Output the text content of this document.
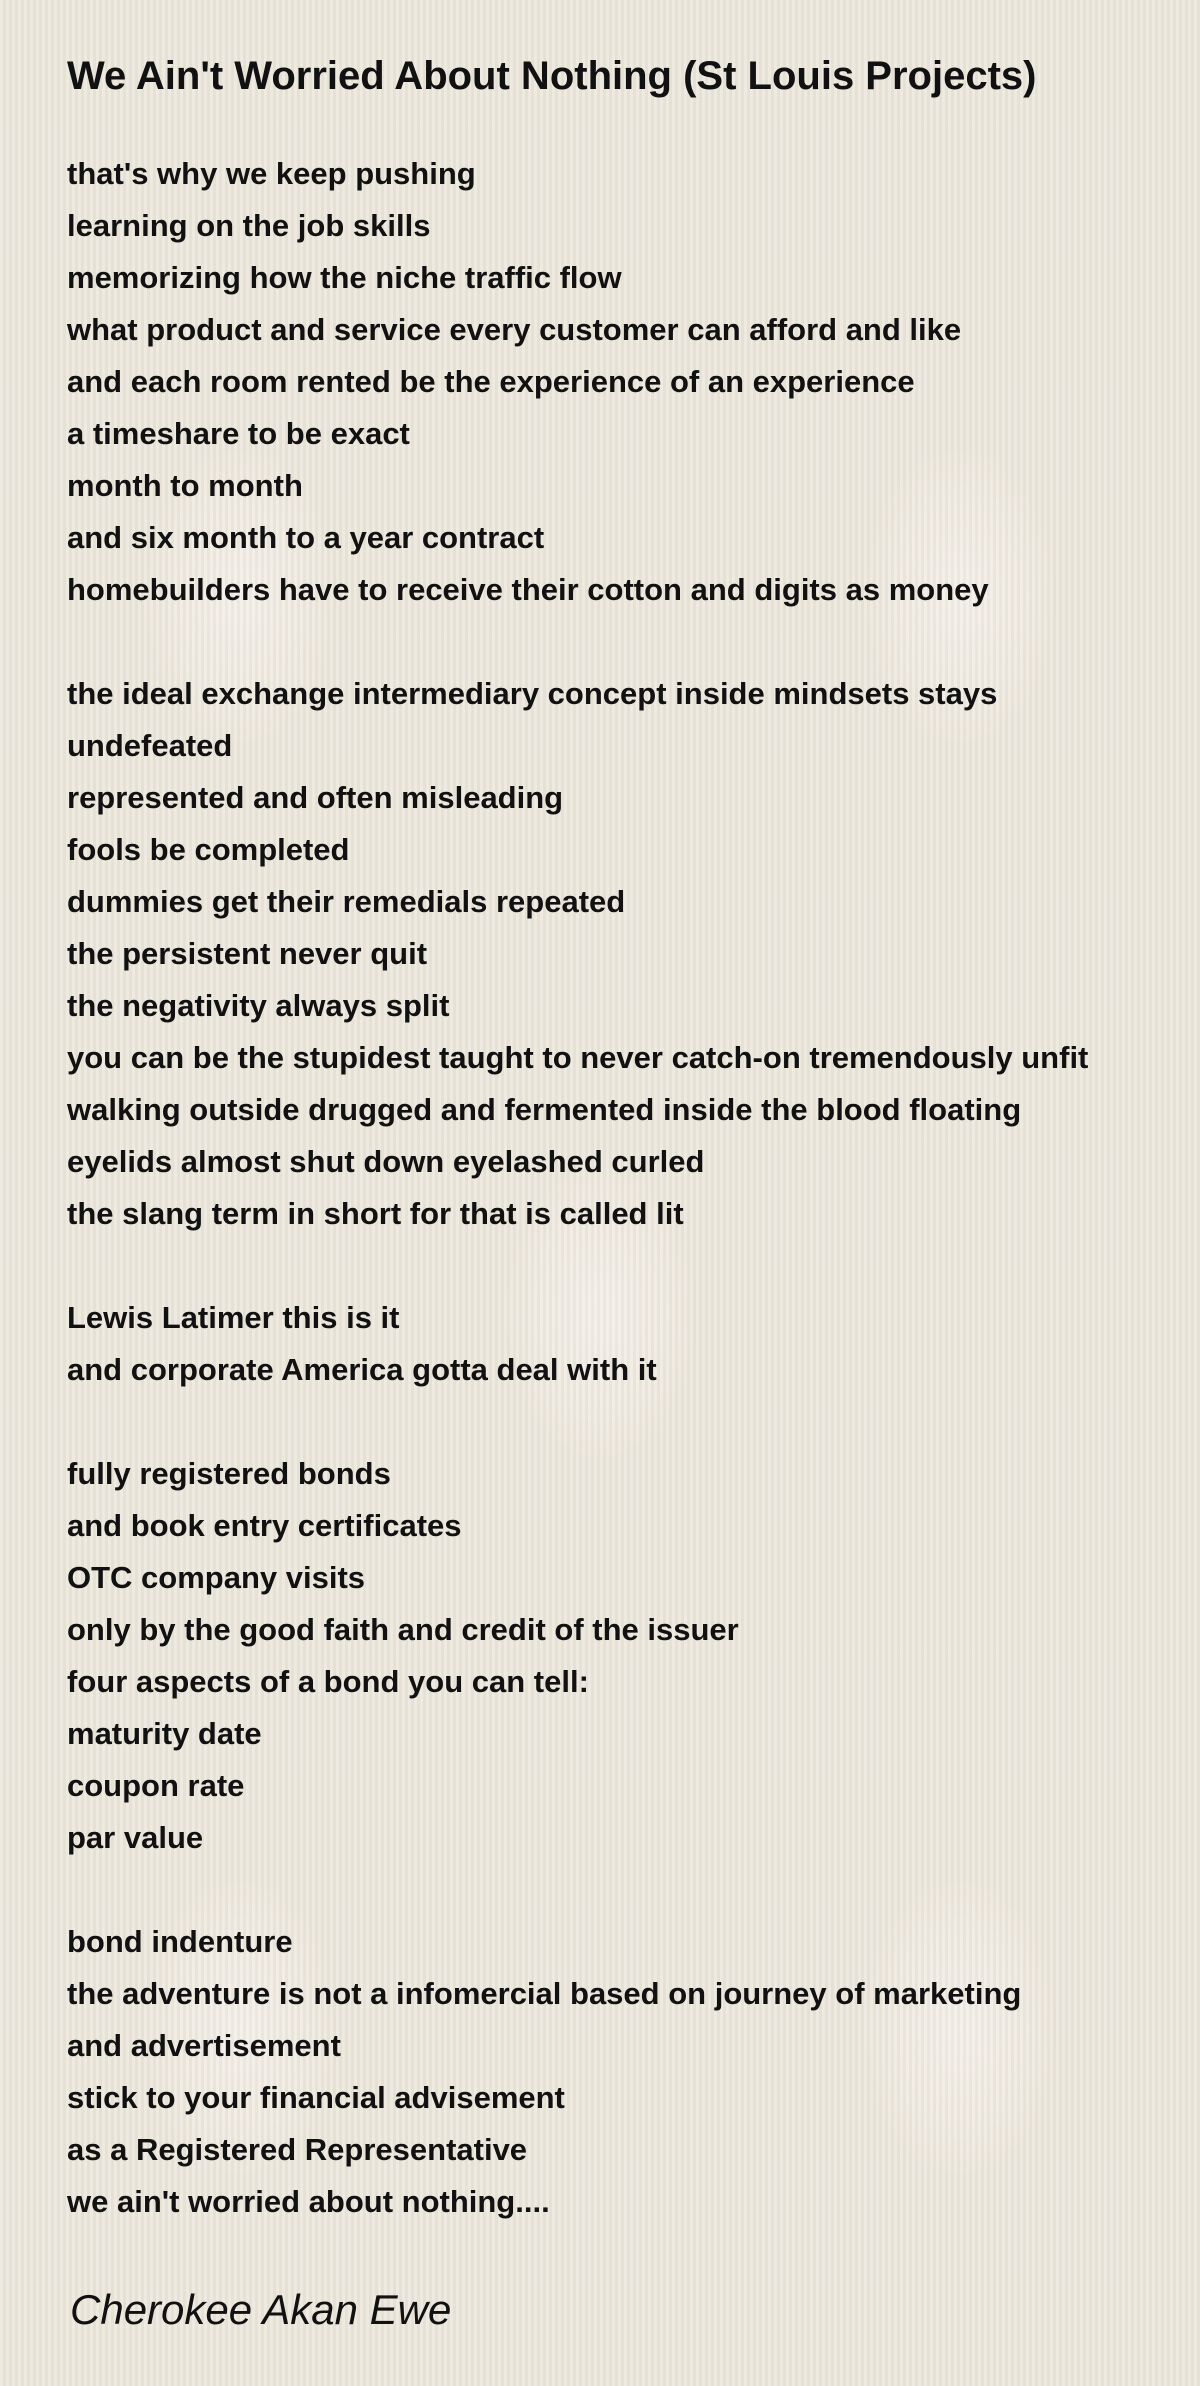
We Ain't Worried About Nothing (St Louis Projects)
that's why we keep pushing
learning on the job skills
memorizing how the niche traffic flow
what product and service every customer can afford and like
and each room rented be the experience of an experience
a timeshare to be exact
month to month
and six month to a year contract
homebuilders have to receive their cotton and digits as money
the ideal exchange intermediary concept inside mindsets stays
undefeated
represented and often misleading
fools be completed
dummies get their remedials repeated
the persistent never quit
the negativity always split
you can be the stupidest taught to never catch-on tremendously unfit
walking outside drugged and fermented inside the blood floating
eyelids almost shut down eyelashed curled
the slang term in short for that is called lit
Lewis Latimer this is it
and corporate America gotta deal with it
fully registered bonds
and book entry certificates
OTC company visits
only by the good faith and credit of the issuer
four aspects of a bond you can tell:
maturity date
coupon rate
par value
bond indenture
the adventure is not a infomercial based on journey of marketing
and advertisement
stick to your financial advisement
as a Registered Representative
we ain't worried about nothing....
Cherokee Akan Ewe
